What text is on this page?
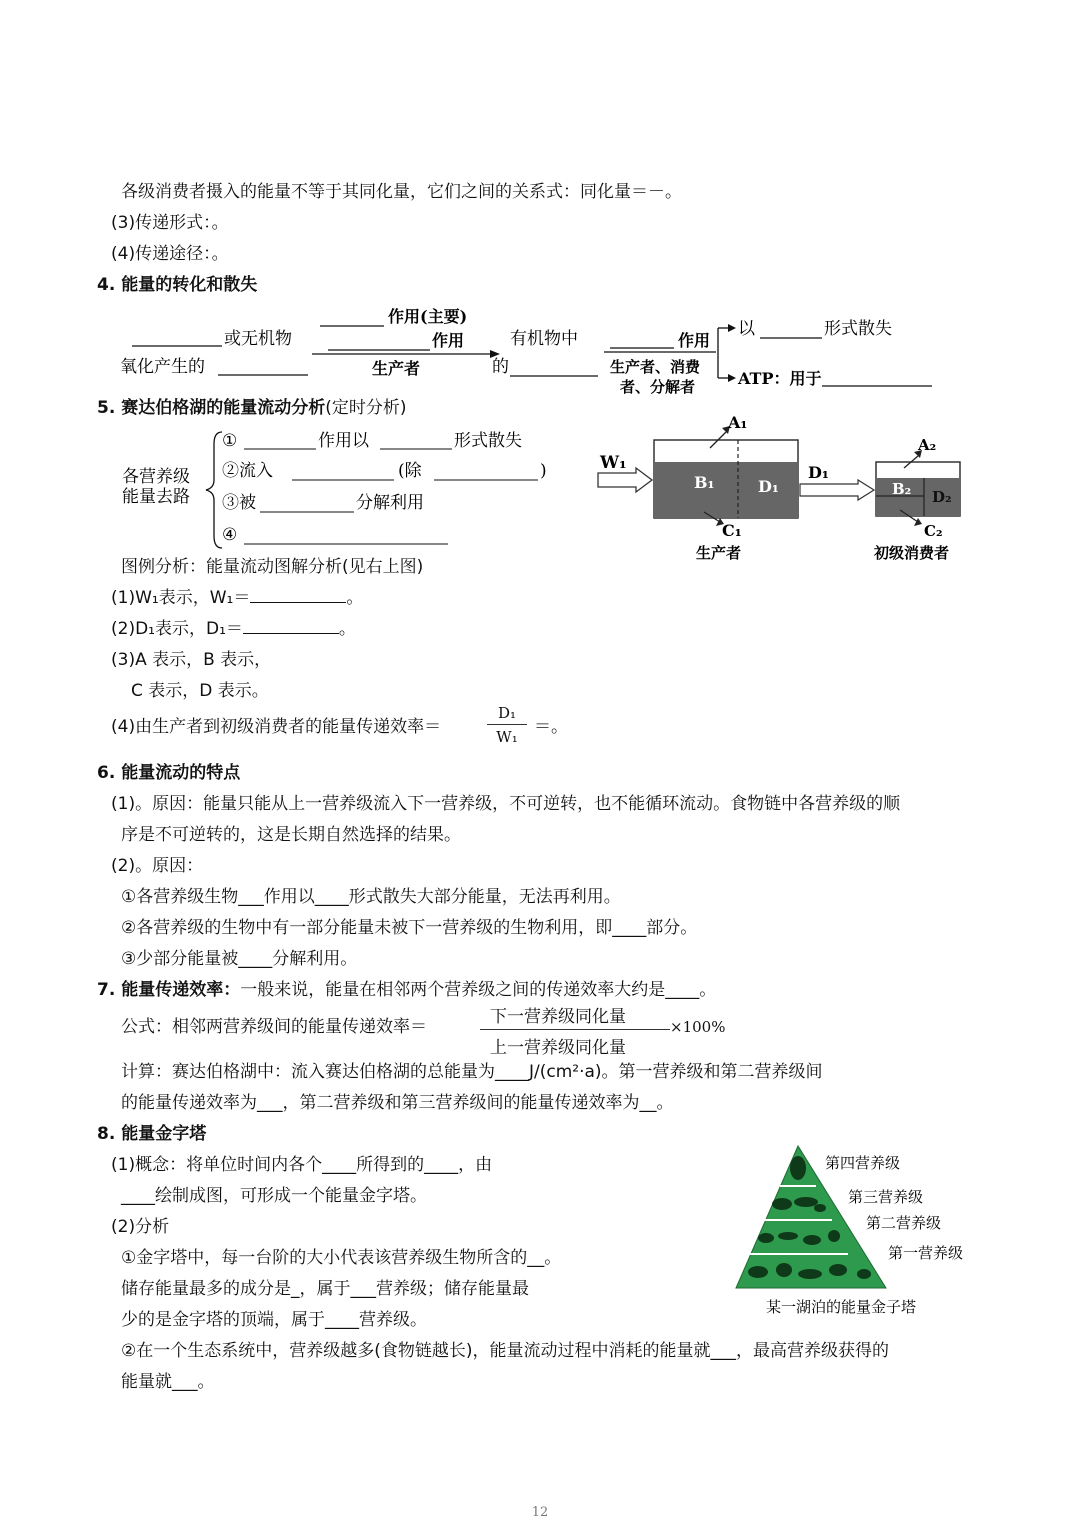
各级消费者摄入的能量不等于其同化量，它们之间的关系式：同化量＝－。
(3)传递形式：。
(4)传递途径：。
4. 能量的转化和散失
或无机物
氧化产生的
作用(主要)
作用
生产者
有机物中
的
作用
生产者、消费
者、分解者
以	形式散失
ATP：用于
5. 赛达伯格湖的能量流动分析(定时分析)
各营养级
能量去路
①	作用以	形式散失
②流入	(除	)
③被	分解利用
④
W₁
B₁	D₁
A₁
C₁
生产者
D₁
B₂ D₂
A₂
C₂
初级消费者
图例分析：能量流动图解分析(见右上图)
(1)W₁表示，W₁＝	。
(2)D₁表示，D₁＝	。
(3)A 表示，B 表示，
C 表示，D 表示。
(4)由生产者到初级消费者的能量传递效率＝	$\frac{\text{D₁}}{\text{W₁}}$ ＝。
6. 能量流动的特点
(1)。原因：能量只能从上一营养级流入下一营养级，不可逆转，也不能循环流动。食物链中各营养级的顺
序是不可逆转的，这是长期自然选择的结果。
(2)。原因：
①各营养级生物___作用以____形式散失大部分能量，无法再利用。
②各营养级的生物中有一部分能量未被下一营养级的生物利用，即____部分。
③少部分能量被____分解利用。
7. 能量传递效率：一般来说，能量在相邻两个营养级之间的传递效率大约是____。
公式：相邻两营养级间的能量传递效率＝	下一营养级同化量
上一营养级同化量
×100%
计算：赛达伯格湖中：流入赛达伯格湖的总能量为____J/(cm²·a)。第一营养级和第二营养级间
的能量传递效率为___，第二营养级和第三营养级间的能量传递效率为__。
8. 能量金字塔
(1)概念：将单位时间内各个____所得到的____，由
____绘制成图，可形成一个能量金字塔。
(2)分析
①金字塔中，每一台阶的大小代表该营养级生物所含的__。
储存能量最多的成分是_，属于___营养级；储存能量最
少的是金字塔的顶端，属于____营养级。
②在一个生态系统中，营养级越多(食物链越长)，能量流动过程中消耗的能量就___，最高营养级获得的
能量就___。
第四营养级
第三营养级
第二营养级
第一营养级
某一湖泊的能量金子塔
12
